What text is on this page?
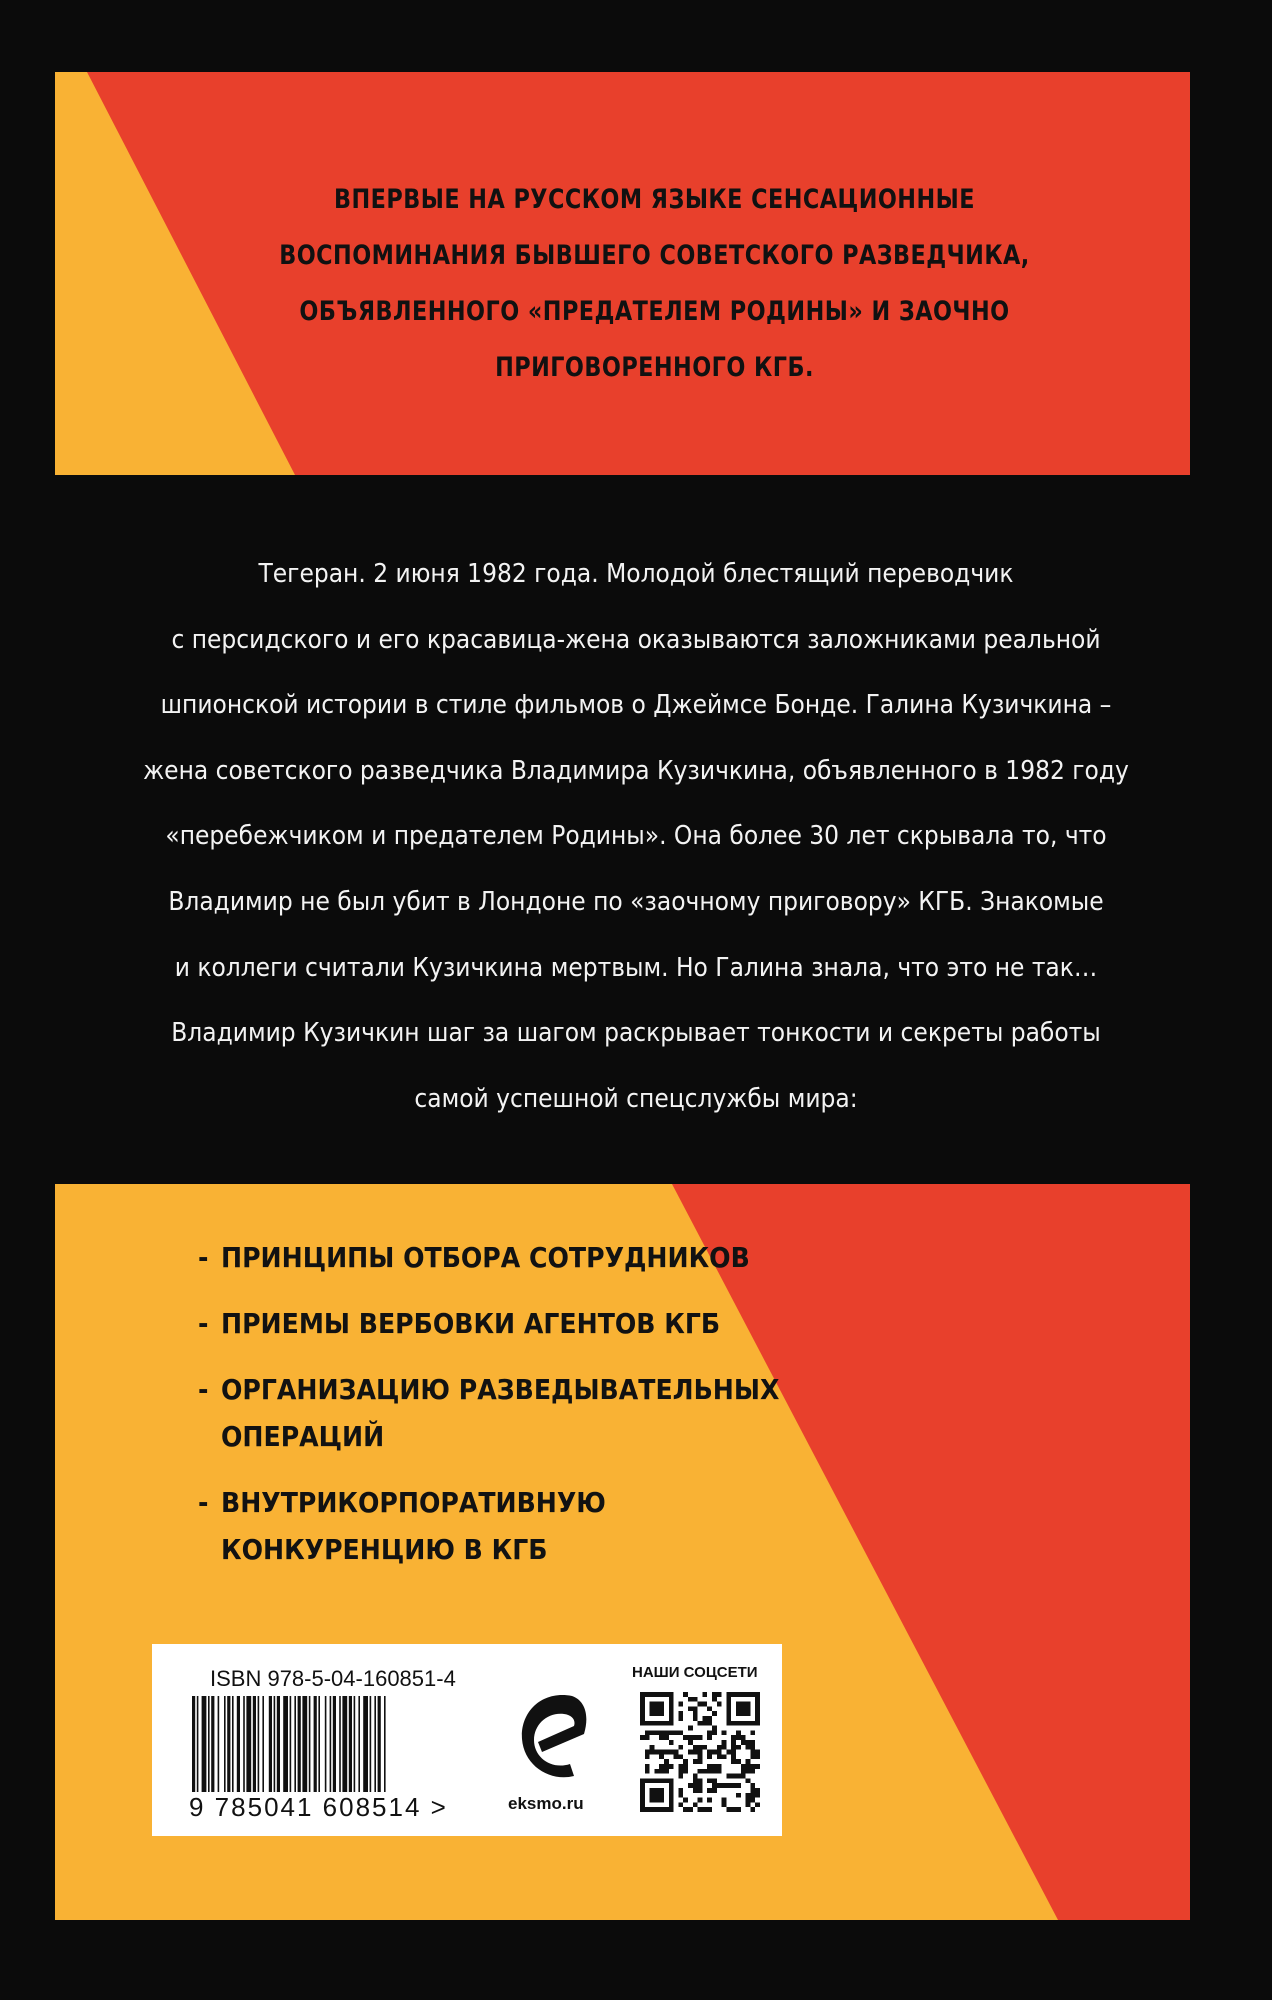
ВПЕРВЫЕ НА РУССКОМ ЯЗЫКЕ СЕНСАЦИОННЫЕ
ВОСПОМИНАНИЯ БЫВШЕГО СОВЕТСКОГО РАЗВЕДЧИКА,
ОБЪЯВЛЕННОГО «ПРЕДАТЕЛЕМ РОДИНЫ» И ЗАОЧНО
ПРИГОВОРЕННОГО КГБ.
Тегеран. 2 июня 1982 года. Молодой блестящий переводчик
с персидского и его красавица-жена оказываются заложниками реальной
шпионской истории в стиле фильмов о Джеймсе Бонде. Галина Кузичкина –
жена советского разведчика Владимира Кузичкина, объявленного в 1982 году
«перебежчиком и предателем Родины». Она более 30 лет скрывала то, что
Владимир не был убит в Лондоне по «заочному приговору» КГБ. Знакомые
и коллеги считали Кузичкина мертвым. Но Галина знала, что это не так…
Владимир Кузичкин шаг за шагом раскрывает тонкости и секреты работы
самой успешной спецслужбы мира:
- ПРИНЦИПЫ ОТБОРА СОТРУДНИКОВ
- ПРИЕМЫ ВЕРБОВКИ АГЕНТОВ КГБ
- ОРГАНИЗАЦИЮ РАЗВЕДЫВАТЕЛЬНЫХ ОПЕРАЦИЙ
- ВНУТРИКОРПОРАТИВНУЮ КОНКУРЕНЦИЮ В КГБ
ISBN 978-5-04-160851-4
9 785041 608514 >	eksmo.ru
НАШИ СОЦСЕТИ
